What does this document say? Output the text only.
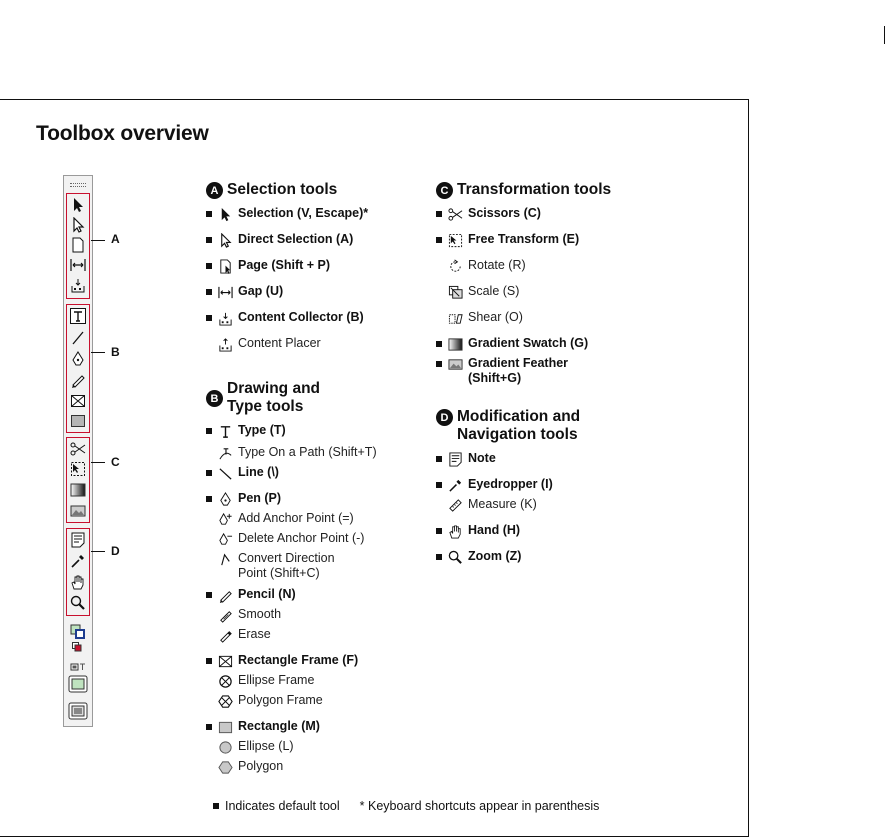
Toolbox overview
A
B
C
D
A Selection tools
Selection (V, Escape)*
Direct Selection (A)
Page (Shift + P)
Gap (U)
Content Collector (B)
Content Placer
B
Drawing and
Type tools
Type (T)
Type On a Path (Shift+T)
Line (\)
Pen (P)
Add Anchor Point (=)
Delete Anchor Point (-)
Convert Direction
Point (Shift+C)
Pencil (N)
Smooth
Erase
Rectangle Frame (F)
Ellipse Frame
Polygon Frame
Rectangle (M)
Ellipse (L)
Polygon
C Transformation tools
Scissors (C)
Free Transform (E)
Rotate (R)
Scale (S)
Shear (O)
Gradient Swatch (G)
Gradient Feather
(Shift+G)
D Modification and
Navigation tools
Note
Eyedropper (I)
Measure (K)
Hand (H)
Zoom (Z)
Indicates default tool * Keyboard shortcuts appear in parenthesis
